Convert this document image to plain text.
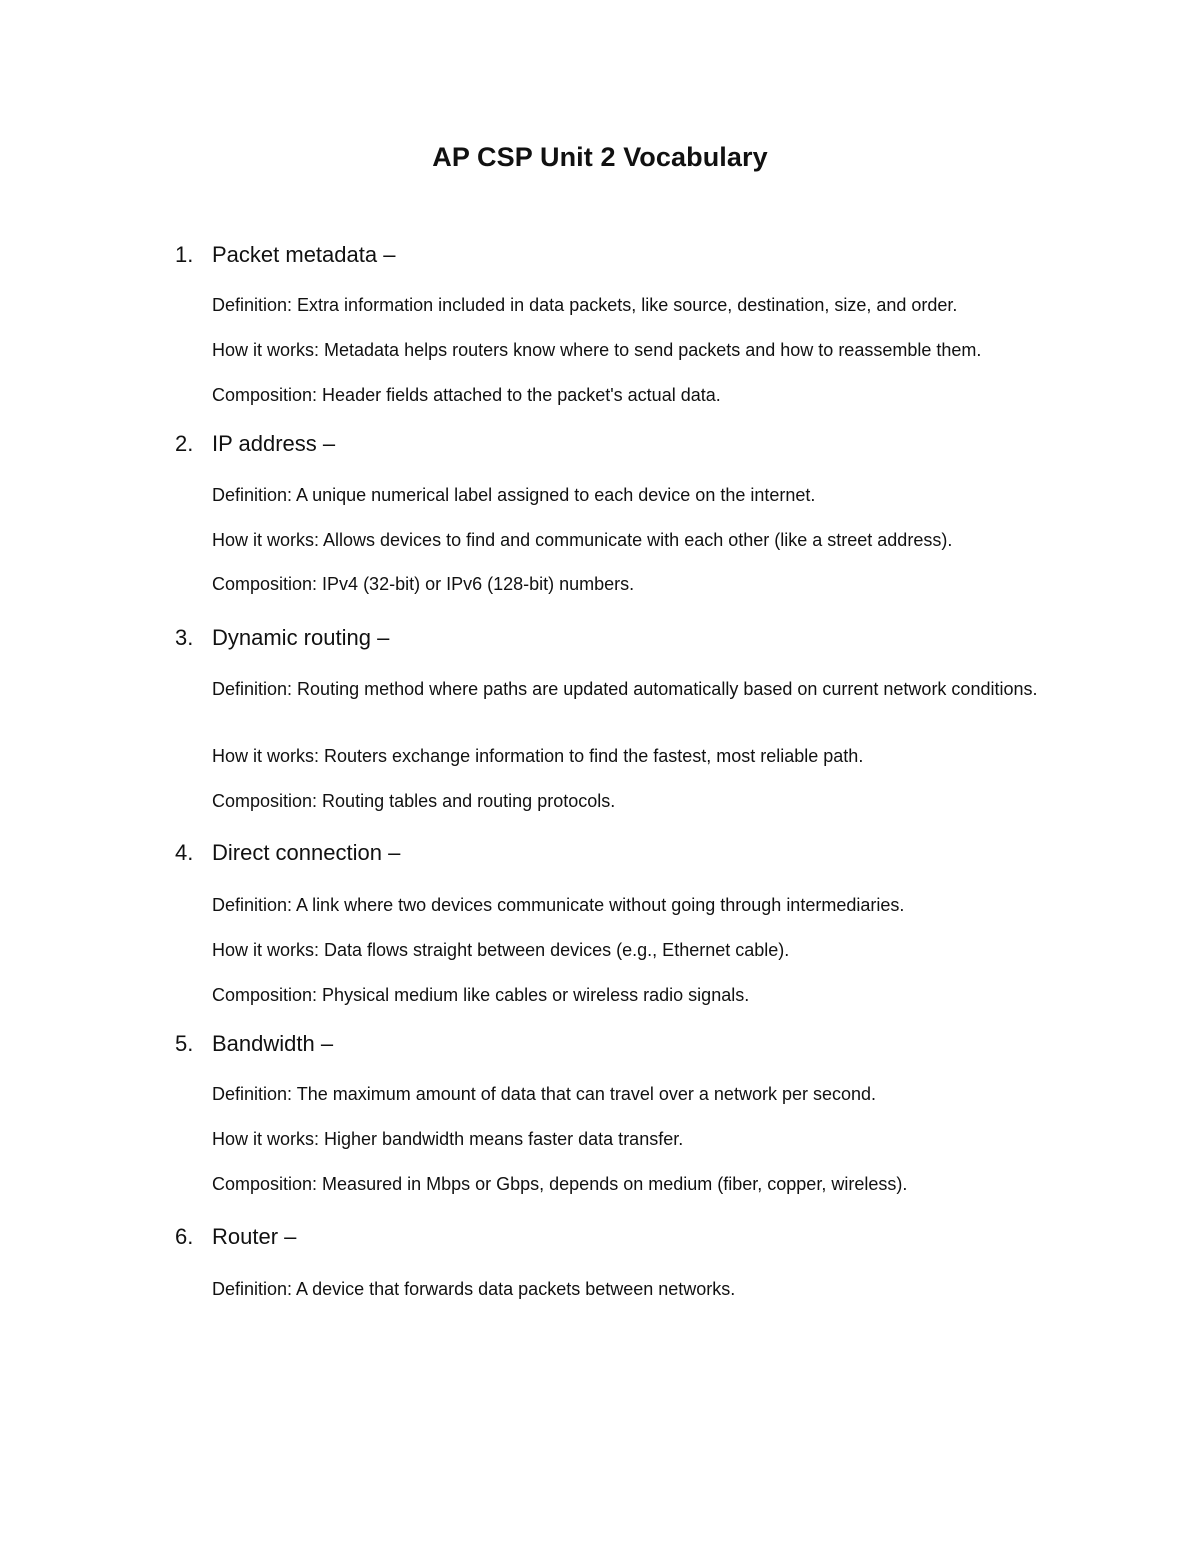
AP CSP Unit 2 Vocabulary
1. Packet metadata –

Definition: Extra information included in data packets, like source, destination, size, and order.

How it works: Metadata helps routers know where to send packets and how to reassemble them.

Composition: Header fields attached to the packet's actual data.

2. IP address –

Definition: A unique numerical label assigned to each device on the internet.

How it works: Allows devices to find and communicate with each other (like a street address).

Composition: IPv4 (32-bit) or IPv6 (128-bit) numbers.

3. Dynamic routing –

Definition: Routing method where paths are updated automatically based on current network conditions.

How it works: Routers exchange information to find the fastest, most reliable path.

Composition: Routing tables and routing protocols.

4. Direct connection –

Definition: A link where two devices communicate without going through intermediaries.

How it works: Data flows straight between devices (e.g., Ethernet cable).

Composition: Physical medium like cables or wireless radio signals.

5. Bandwidth –

Definition: The maximum amount of data that can travel over a network per second.

How it works: Higher bandwidth means faster data transfer.

Composition: Measured in Mbps or Gbps, depends on medium (fiber, copper, wireless).

6. Router –

Definition: A device that forwards data packets between networks.
